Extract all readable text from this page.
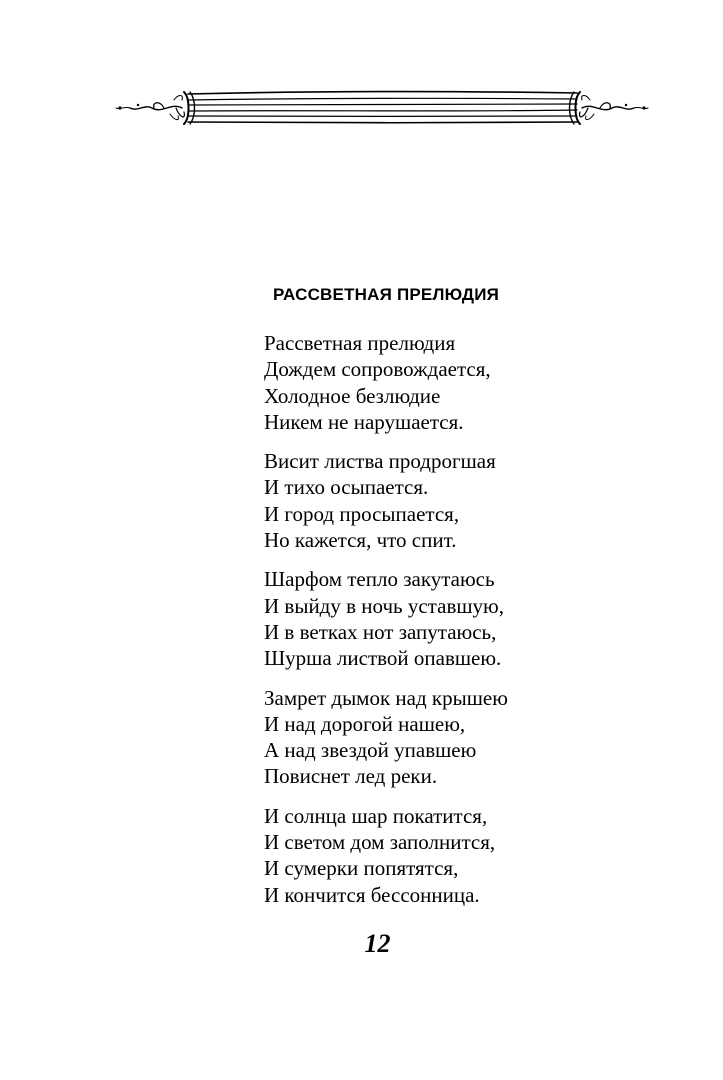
РАССВЕТНАЯ ПРЕЛЮДИЯ

Рассветная прелюдия
Дождем сопровождается,
Холодное безлюдие
Никем не нарушается.

Висит листва продрогшая
И тихо осыпается.
И город просыпается,
Но кажется, что спит.

Шарфом тепло закутаюсь
И выйду в ночь уставшую,
И в ветках нот запутаюсь,
Шурша листвой опавшею.

Замрет дымок над крышею
И над дорогой нашею,
А над звездой упавшею
Повиснет лед реки.

И солнца шар покатится,
И светом дом заполнится,
И сумерки попятятся,
И кончится бессонница.

12
